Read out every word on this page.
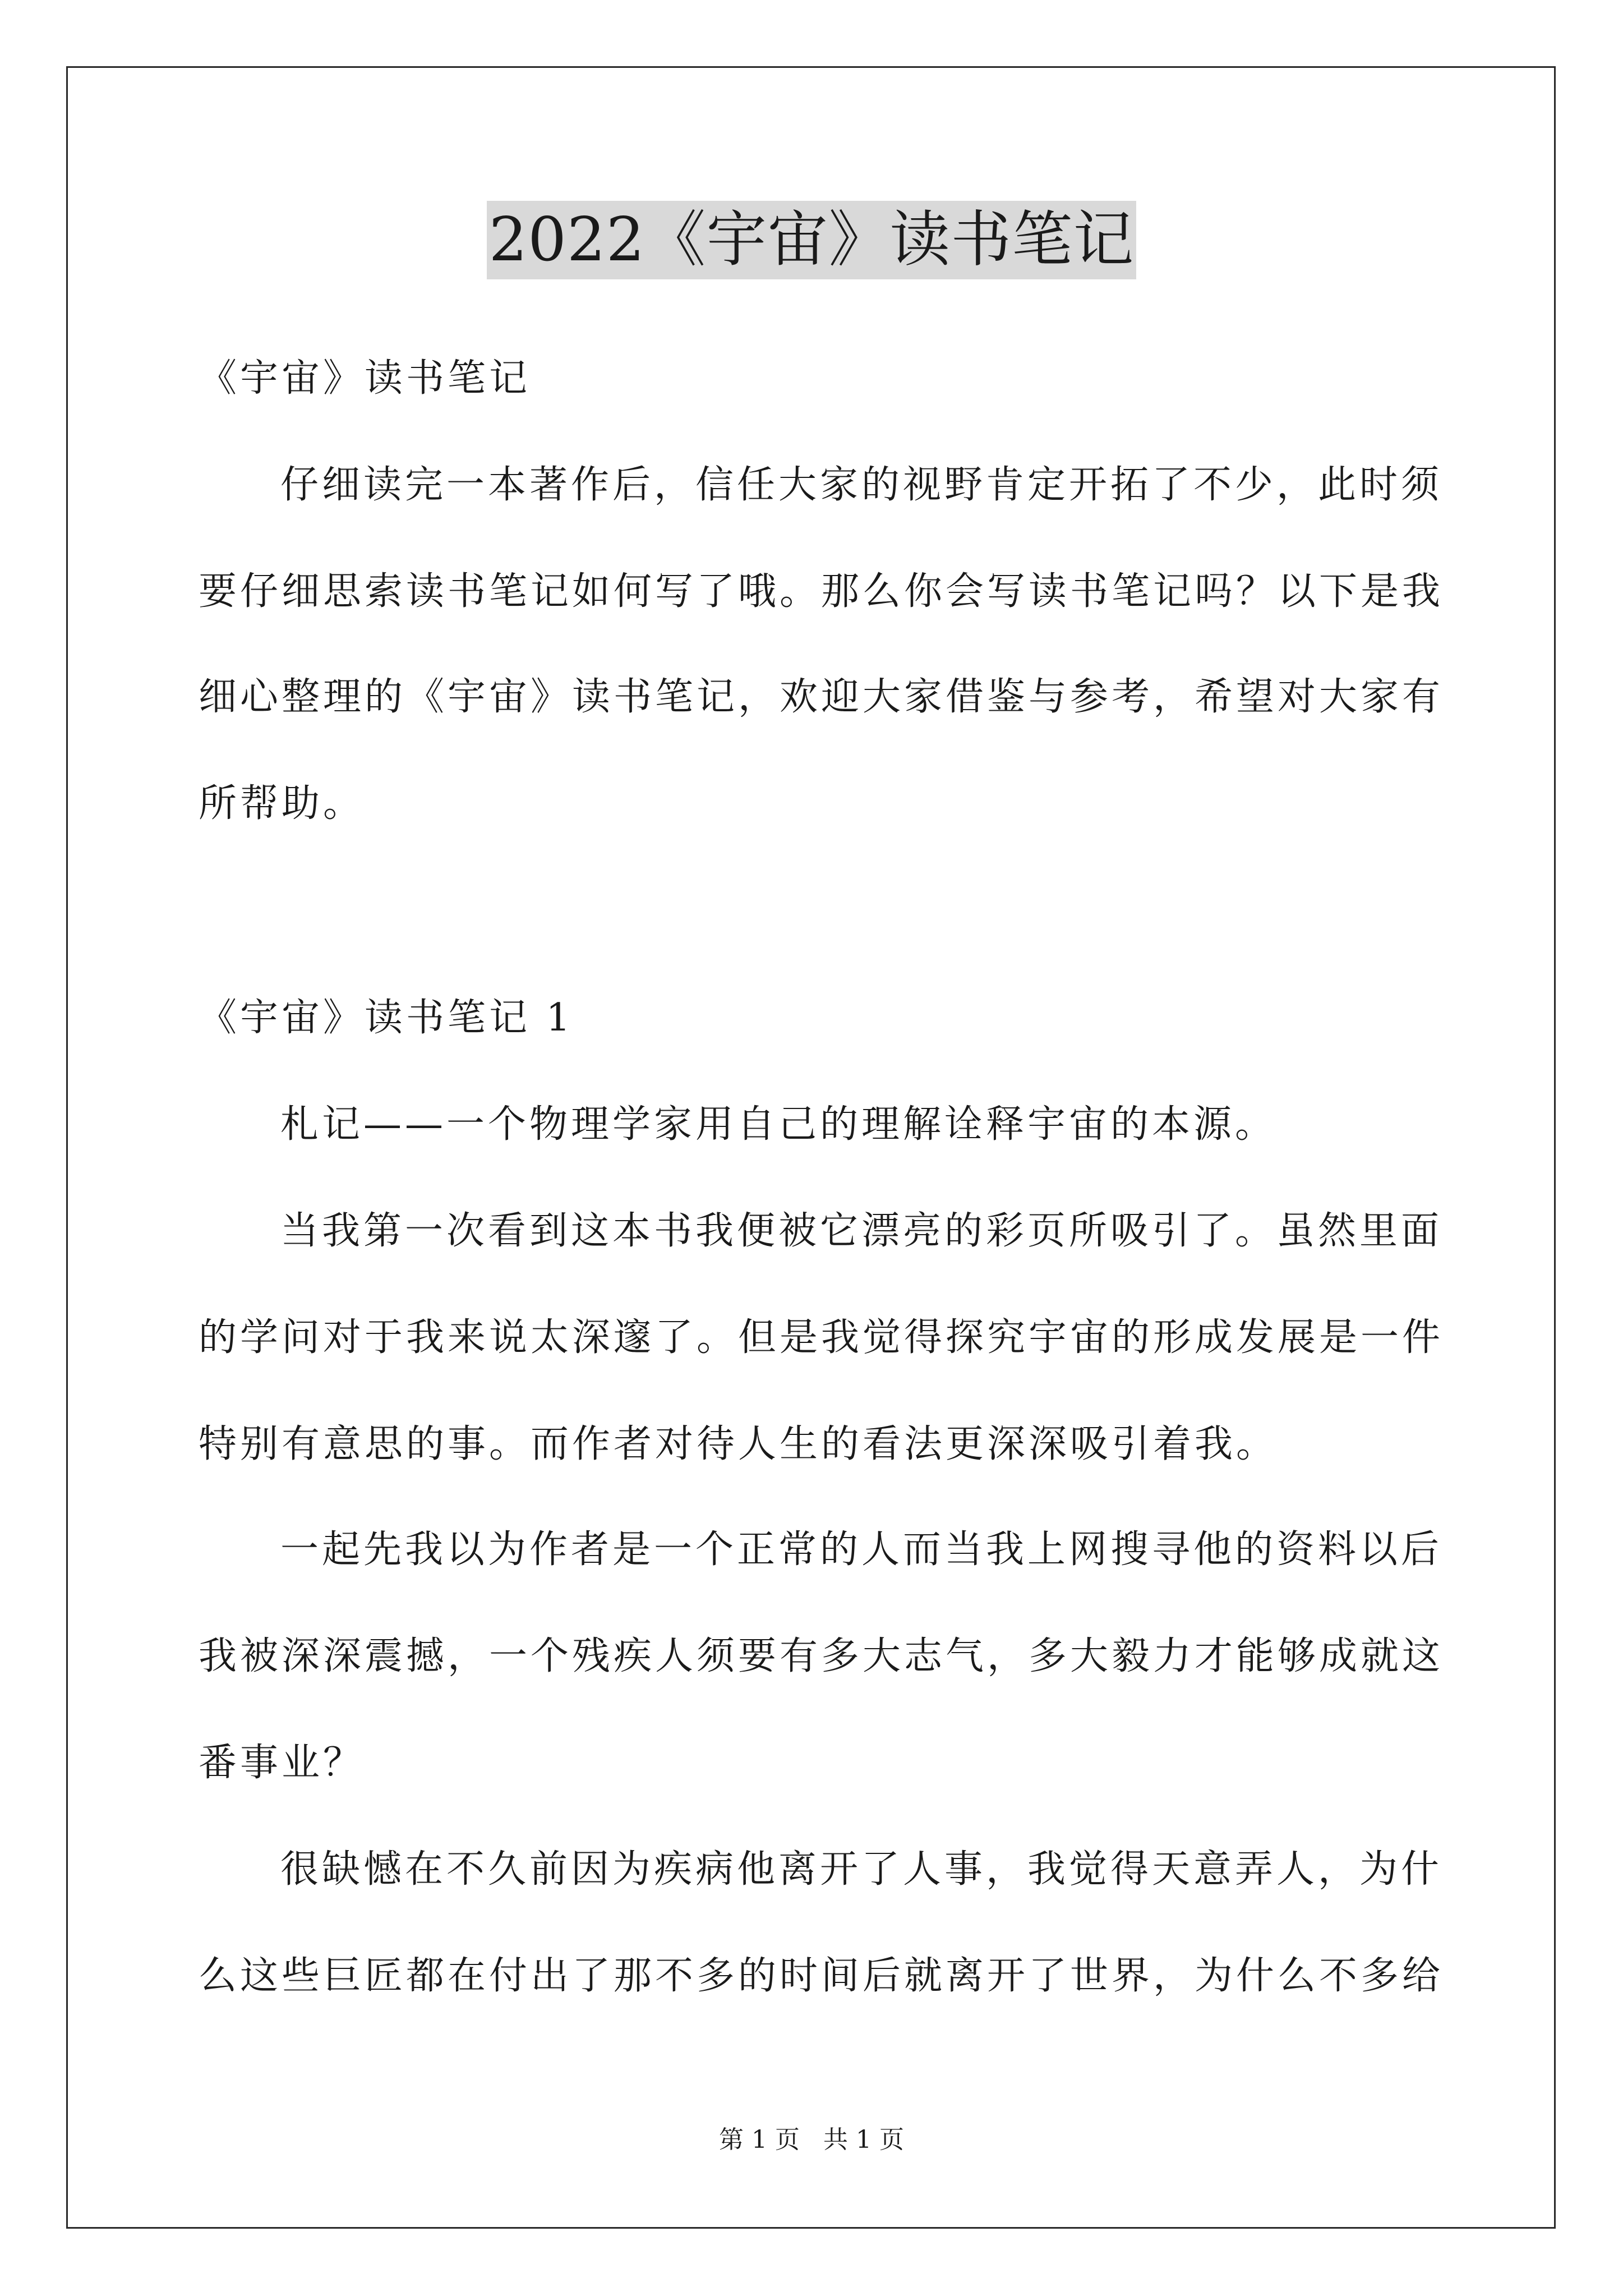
2022《宇宙》读书笔记
《宇宙》读书笔记
仔细读完一本著作后，信任大家的视野肯定开拓了不少，此时须
要仔细思索读书笔记如何写了哦。那么你会写读书笔记吗？以下是我
细心整理的《宇宙》读书笔记，欢迎大家借鉴与参考，希望对大家有
所帮助。
《宇宙》读书笔记 1
札记——一个物理学家用自己的理解诠释宇宙的本源。
当我第一次看到这本书我便被它漂亮的彩页所吸引了。虽然里面
的学问对于我来说太深邃了。但是我觉得探究宇宙的形成发展是一件
特别有意思的事。而作者对待人生的看法更深深吸引着我。
一起先我以为作者是一个正常的人而当我上网搜寻他的资料以后
我被深深震撼，一个残疾人须要有多大志气，多大毅力才能够成就这
番事业？
很缺憾在不久前因为疾病他离开了人事，我觉得天意弄人，为什
么这些巨匠都在付出了那不多的时间后就离开了世界，为什么不多给
第 1 页 共 1 页
